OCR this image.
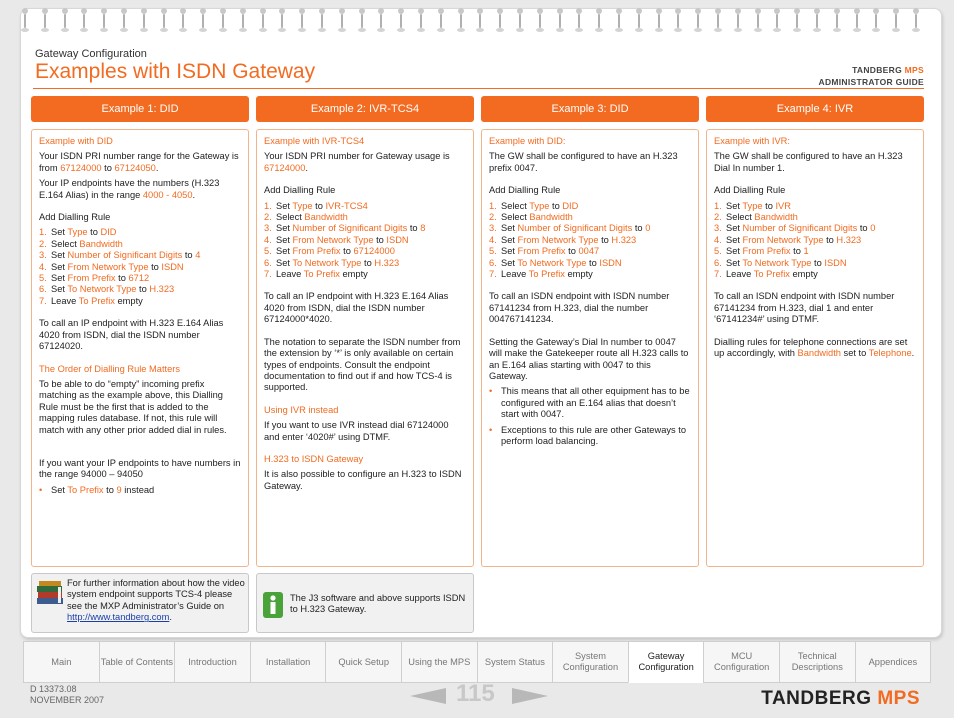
Gateway Configuration
Examples with ISDN Gateway	TANDBERG MPS
ADMINISTRATOR GUIDE
Example 1: DID	Example 2: IVR-TCS4	Example 3: DID	Example 4: IVR

Example with DID

Your ISDN PRI number range for the Gateway is from 67124000 to 67124050.

Your IP endpoints have the numbers (H.323 E.164 Alias) in the range 4000 - 4050.

Add Dialling Rule

1. Set Type to DID

2. Select Bandwidth

3. Set Number of Significant Digits to 4

4. Set From Network Type to ISDN

5. Set From Prefix to 6712

6. Set To Network Type to H.323

7. Leave To Prefix empty

To call an IP endpoint with H.323 E.164 Alias 4020 from ISDN, dial the ISDN number 67124020.

The Order of Dialling Rule Matters

To be able to do “empty” incoming prefix matching as the example above, this Dialling Rule must be the first that is added to the mapping rules database. If not, this rule will match with any other prior added dial in rules.

If you want your IP endpoints to have numbers in the range 94000 – 94050

• Set To Prefix to 9 instead

Example with IVR-TCS4

Your ISDN PRI number for Gateway usage is 67124000.

Add Dialling Rule

1. Set Type to IVR-TCS4

2. Select Bandwidth

3. Set Number of Significant Digits to 8

4. Set From Network Type to ISDN

5. Set From Prefix to 67124000

6. Set To Network Type to H.323

7. Leave To Prefix empty

To call an IP endpoint with H.323 E.164 Alias 4020 from ISDN, dial the ISDN number 67124000*4020.

The notation to separate the ISDN number from the extension by ‘*’ is only available on certain types of endpoints. Consult the endpoint documentation to find out if and how TCS-4 is supported.

Using IVR instead

If you want to use IVR instead dial 67124000 and enter ‘4020#’ using DTMF.

H.323 to ISDN Gateway

It is also possible to configure an H.323 to ISDN Gateway.

Example with DID:

The GW shall be configured to have an H.323 prefix 0047.

Add Dialling Rule

1. Select Type to DID

2. Select Bandwidth

3. Set Number of Significant Digits to 0

4. Set From Network Type to H.323

5. Set From Prefix to 0047

6. Set To Network Type to ISDN

7. Leave To Prefix empty

To call an ISDN endpoint with ISDN number 67141234 from H.323, dial the number 004767141234.

Setting the Gateway’s Dial In number to 0047 will make the Gatekeeper route all H.323 calls to an E.164 alias starting with 0047 to this Gateway.

• This means that all other equipment has to be configured with an E.164 alias that doesn’t start with 0047.
• Exceptions to this rule are other Gateways to perform load balancing.

Example with IVR:

The GW shall be configured to have an H.323 Dial In number 1.

Add Dialling Rule

1. Set Type to IVR

2. Select Bandwidth

3. Set Number of Significant Digits to 0

4. Set From Network Type to H.323

5. Set From Prefix to 1

6. Set To Network Type to ISDN

7. Leave To Prefix empty

To call an ISDN endpoint with ISDN number 67141234 from H.323, dial 1 and enter ‘67141234#’ using DTMF.

Dialling rules for telephone connections are set up accordingly, with Bandwidth set to Telephone.

For further information about how the video system endpoint supports TCS-4 please see the MXP Administrator’s Guide on http://www.tandberg.com.
The J3 software and above supports ISDN to H.323 Gateway.
Main	Table of Contents	Introduction	Installation	Quick Setup	Using the MPS	System Status
System Configuration
Gateway Configuration
MCU Configuration
Technical Descriptions
Appendices
D 13373.08
NOVEMBER 2007	115	TANDBERG MPS
